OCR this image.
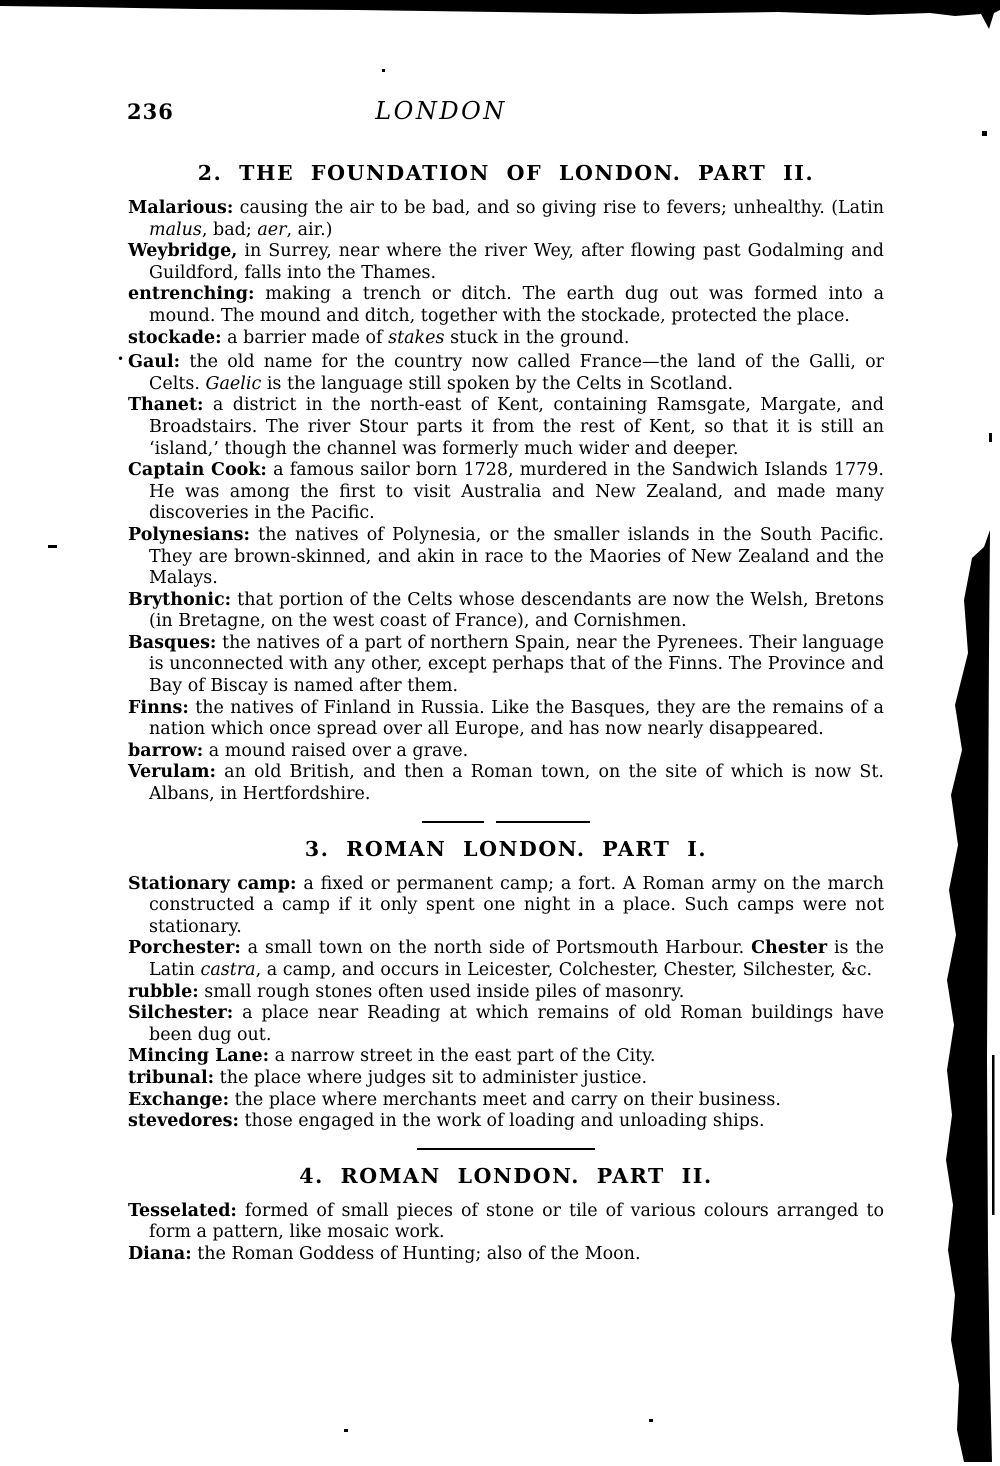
236	LONDON
2. THE FOUNDATION OF LONDON. PART II.

Malarious: causing the air to be bad, and so giving rise to fevers; unhealthy. (Latin malus, bad; aer, air.)

Weybridge, in Surrey, near where the river Wey, after flowing past Godalming and Guildford, falls into the Thames.

entrenching: making a trench or ditch. The earth dug out was formed into a mound. The mound and ditch, together with the stockade, protected the place.

stockade: a barrier made of stakes stuck in the ground.

• Gaul: the old name for the country now called France—the land of the Galli, or Celts. Gaelic is the language still spoken by the Celts in Scotland.

Thanet: a district in the north-east of Kent, containing Ramsgate, Margate, and Broadstairs. The river Stour parts it from the rest of Kent, so that it is still an ‘island,’ though the channel was formerly much wider and deeper.

Captain Cook: a famous sailor born 1728, murdered in the Sandwich Islands 1779. He was among the first to visit Australia and New Zealand, and made many discoveries in the Pacific.

Polynesians: the natives of Polynesia, or the smaller islands in the South Pacific. They are brown-skinned, and akin in race to the Maories of New Zealand and the Malays.

Brythonic: that portion of the Celts whose descendants are now the Welsh, Bretons (in Bretagne, on the west coast of France), and Cornishmen.

Basques: the natives of a part of northern Spain, near the Pyrenees. Their language is unconnected with any other, except perhaps that of the Finns. The Province and Bay of Biscay is named after them.

Finns: the natives of Finland in Russia. Like the Basques, they are the remains of a nation which once spread over all Europe, and has now nearly disappeared.

barrow: a mound raised over a grave.

Verulam: an old British, and then a Roman town, on the site of which is now St. Albans, in Hertfordshire.

3. ROMAN LONDON. PART I.

Stationary camp: a fixed or permanent camp; a fort. A Roman army on the march constructed a camp if it only spent one night in a place. Such camps were not stationary.

Porchester: a small town on the north side of Portsmouth Harbour. Chester is the Latin castra, a camp, and occurs in Leicester, Colchester, Chester, Silchester, &c.

rubble: small rough stones often used inside piles of masonry.

Silchester: a place near Reading at which remains of old Roman buildings have been dug out.

Mincing Lane: a narrow street in the east part of the City.

tribunal: the place where judges sit to administer justice.

Exchange: the place where merchants meet and carry on their business.

stevedores: those engaged in the work of loading and unloading ships.

4. ROMAN LONDON. PART II.

Tesselated: formed of small pieces of stone or tile of various colours arranged to form a pattern, like mosaic work.

Diana: the Roman Goddess of Hunting; also of the Moon.
